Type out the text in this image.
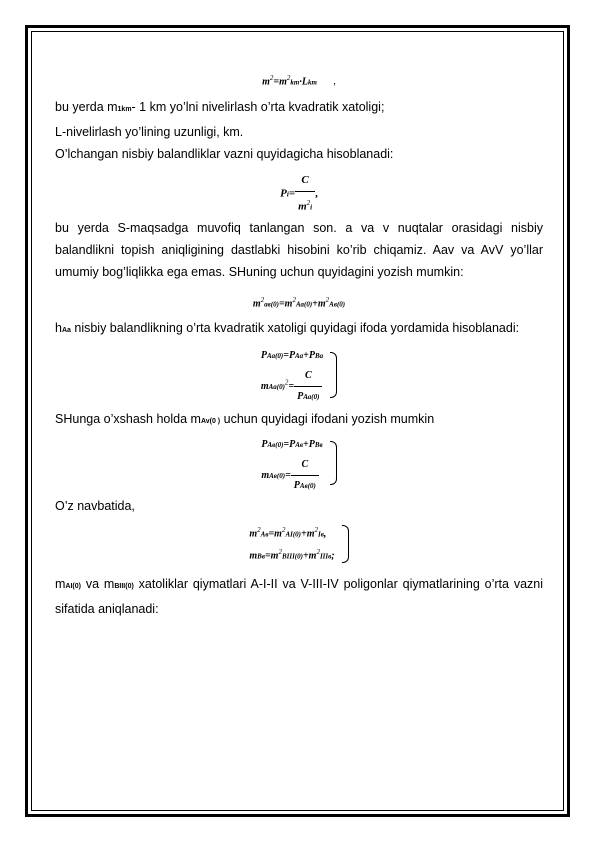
$m^2=m^2km\cdot Lkm$ ,

bu yerda m1km- 1 km yo’lni nivelirlash o’rta kvadratik xatoligi;

L-nivelirlash yo’lining uzunligi, km.

O’lchangan nisbiy balandliklar vazni quyidagicha hisoblanadi:

$Pi= \frac{C}{m^2i}$ ,

bu yerda S-maqsadga muvofiq tanlangan son. a va v nuqtalar orasidagi nisbiy balandlikni topish aniqligining dastlabki hisobini ko’rib chiqamiz. Aav va AvV yo’llar umumiy bog’liqlikka ega emas. SHuning uchun quyidagini yozish mumkin:

$m^2ав(0)=m^2Аа(0)+m^2Ав(0)$

hAa nisbiy balandlikning o’rta kvadratik xatoligi quyidagi ifoda yordamida hisoblanadi:

PАа(0)=PАа+PВа
$mАа(0)^2= \frac{C}{\text{PАа(0)}}$

SHunga o’xshash holda mAv(0 ) uchun quyidagi ifodani yozish mumkin

PАв(0)=PАв+PВв
$mАв(0)= \frac{C}{\text{PАв(0)}}$

O’z navbatida,

$m^2Ав=m^2AI(0)+m^2Iв$,
$mВв=m^2BIII(0)+m^2IIIв$;

mAI(0) va mBIII(0) xatoliklar qiymatlari A-I-II va V-III-IV poligonlar qiymatlarining o’rta vazni sifatida aniqlanadi:
